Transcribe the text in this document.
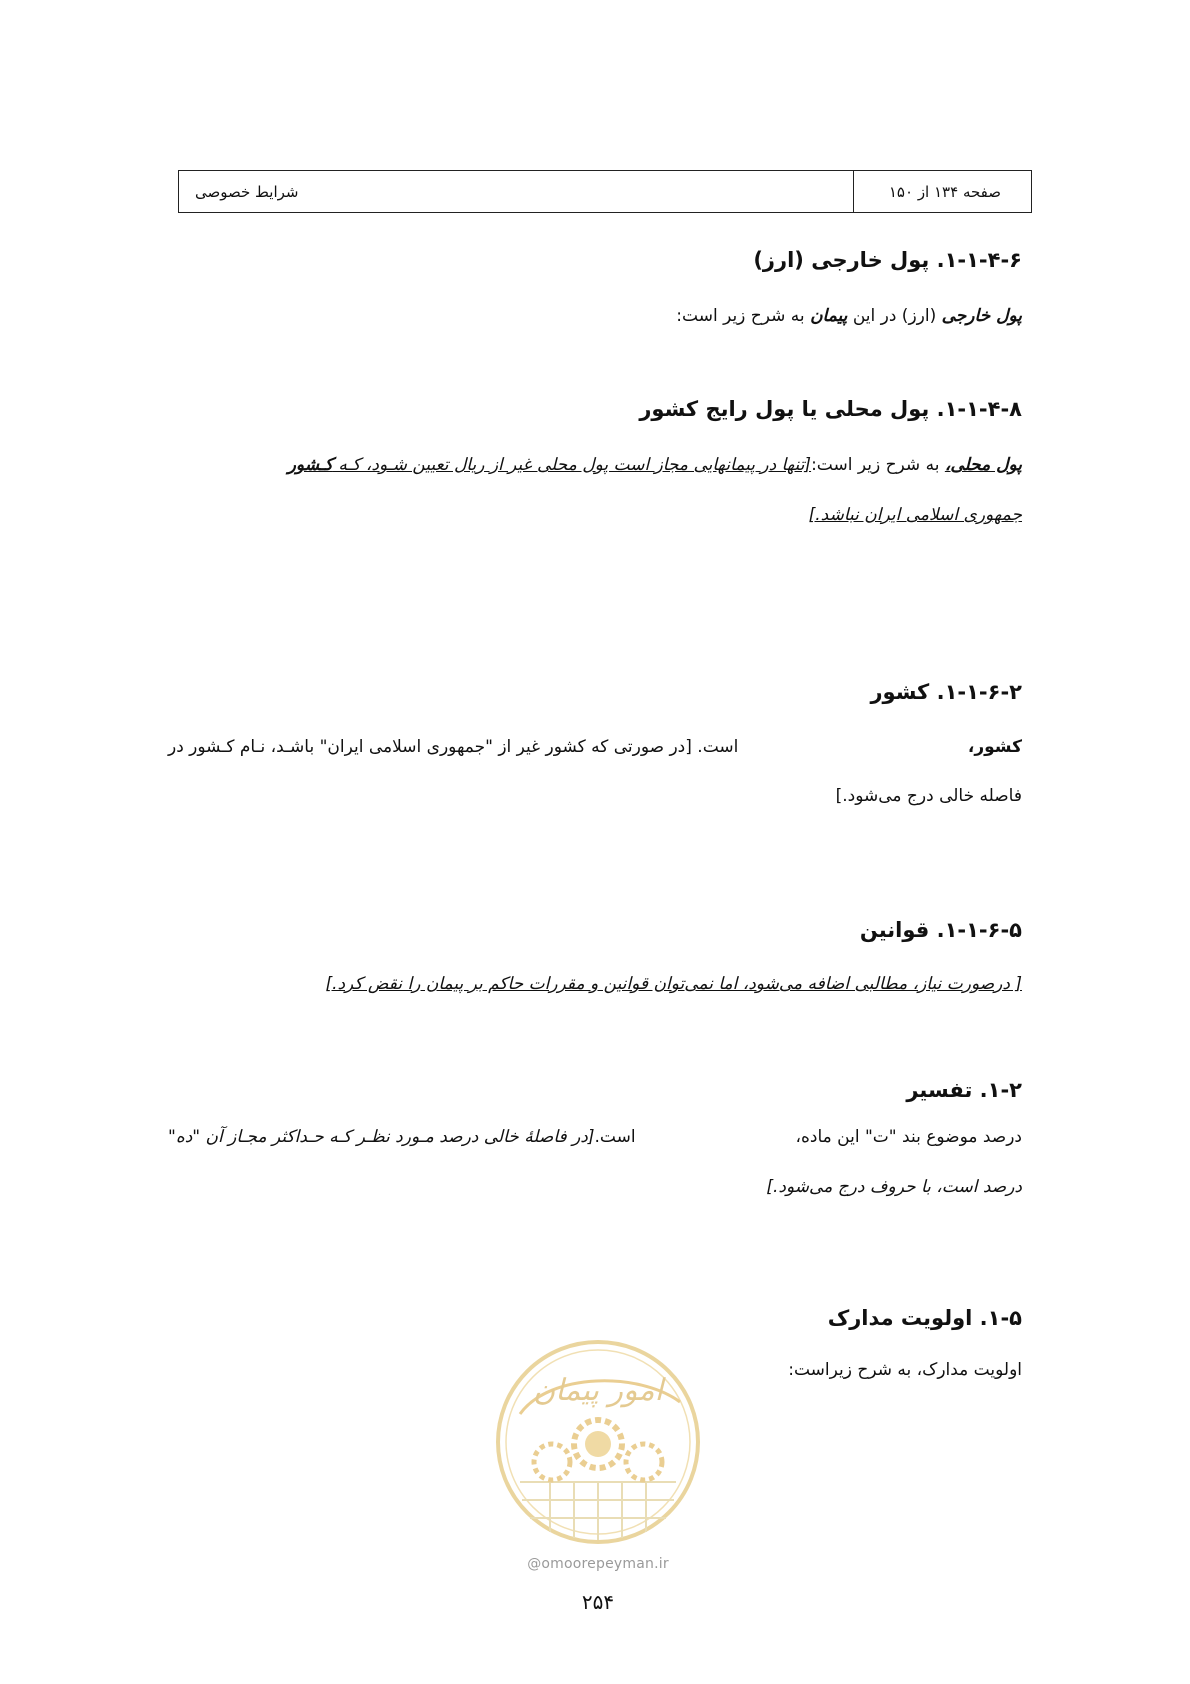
صفحه ۱۳۴ از ۱۵۰
شرایط خصوصی
۱-۱-۴-۶. پول خارجی (ارز)
پول خارجی (ارز) در این پیمان به شرح زیر است:
۱-۱-۴-۸. پول محلی یا پول رایج کشور
پول محلی، به شرح زیر است:[تنها در پیمانهایی مجاز است پول محلی غیر از ریال تعیین شـود، کـه کـشور
جمهوری اسلامی ایران نباشد.]
۱-۱-۶-۲. کشور
کشور،
است. [در صورتی که کشور غیر از "جمهوری اسلامی ایران" باشـد، نـام کـشور در
فاصله خالی درج می‌شود.]
۱-۱-۶-۵. قوانین
[ درصورت نیاز، مطالبی اضافه می‌شود، اما نمی‌توان قوانین و مقررات حاکم بر پیمان را نقض کرد.]
۱-۲. تفسیر
درصد موضوع بند "ت" این ماده،
است.[در فاصلهٔ خالی درصد مـورد نظـر کـه حـداکثر مجـاز آن "ده"
درصد است، با حروف درج می‌شود.]
۱-۵. اولویت مدارک
اولویت مدارک، به شرح زیراست:
امور پیمان
@omoorepeyman.ir
۲۵۴
